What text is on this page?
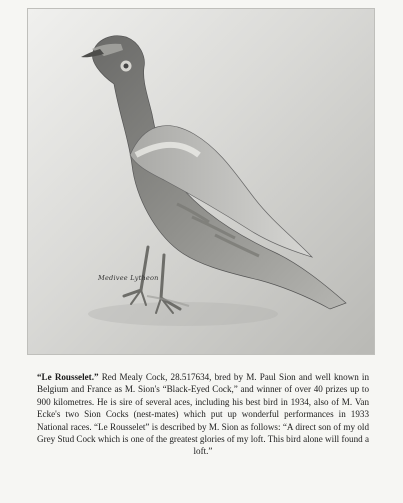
Medivee Lytheon
“Le Rousselet.” Red Mealy Cock, 28.517634, bred by M. Paul Sion and well known in Belgium and France as M. Sion's “Black-Eyed Cock,” and winner of over 40 prizes up to 900 kilometres. He is sire of several aces, including his best bird in 1934, also of M. Van Ecke's two Sion Cocks (nest-mates) which put up wonderful performances in 1933 National races. “Le Rousselet” is described by M. Sion as follows: “A direct son of my old Grey Stud Cock which is one of the greatest glories of my loft. This bird alone will found a loft.”
